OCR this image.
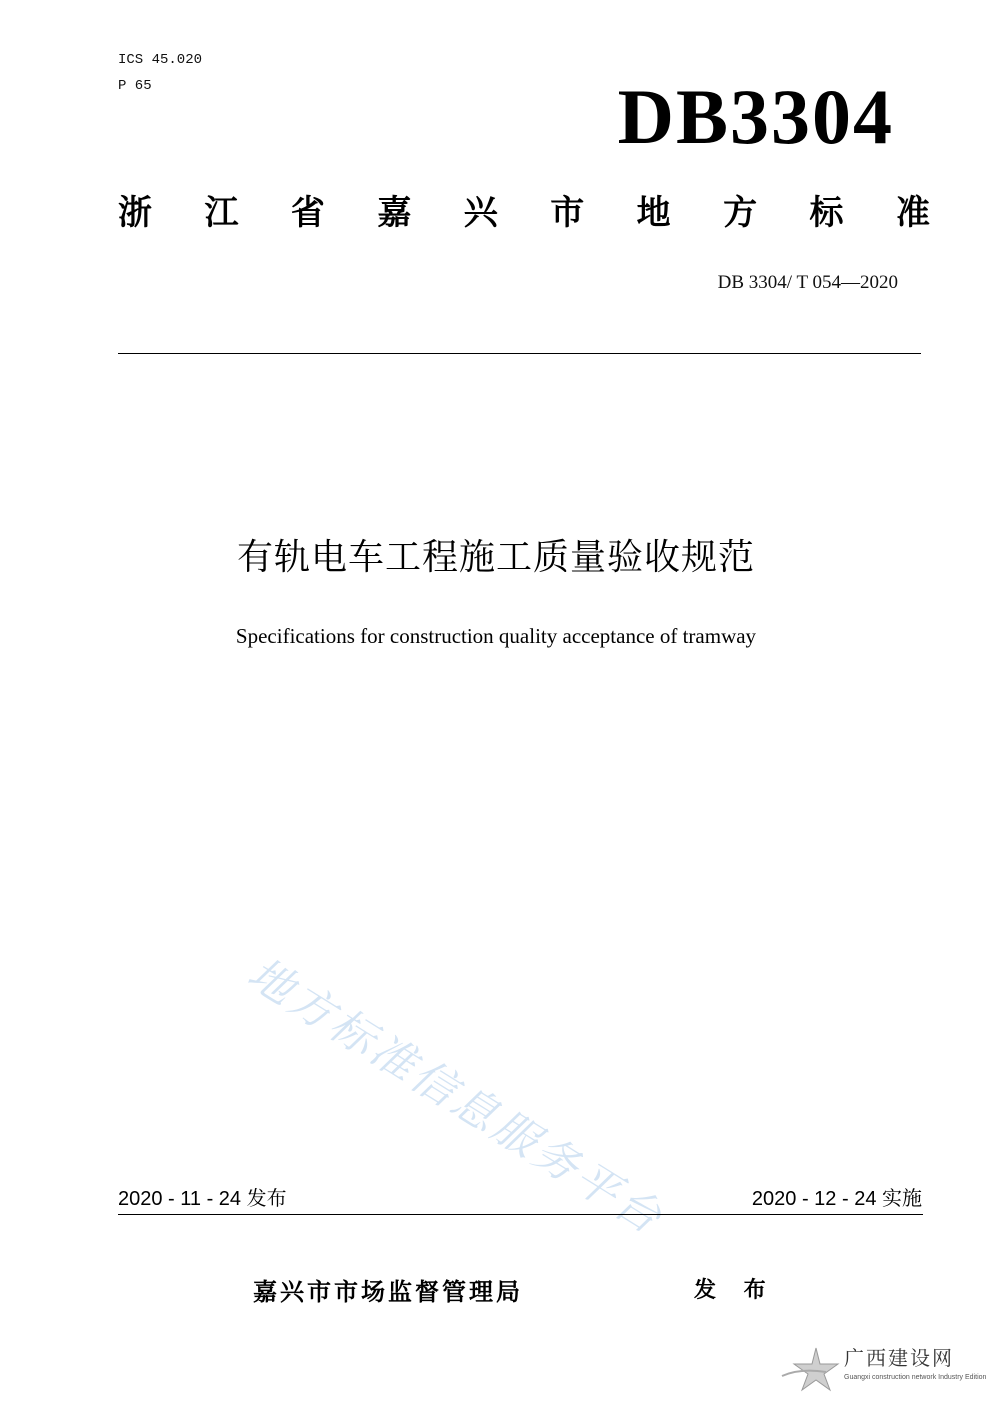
ICS 45.020
P 65	DB3304
浙 江 省 嘉 兴 市 地 方 标 准
DB 3304/ T 054—2020
有轨电车工程施工质量验收规范
Specifications for construction quality acceptance of tramway
地方标准信息服务平台
2020 - 11 - 24 发布	2020 - 12 - 24 实施
嘉兴市市场监督管理局	发 布
广西建设网
Guangxi construction network Industry Edition
